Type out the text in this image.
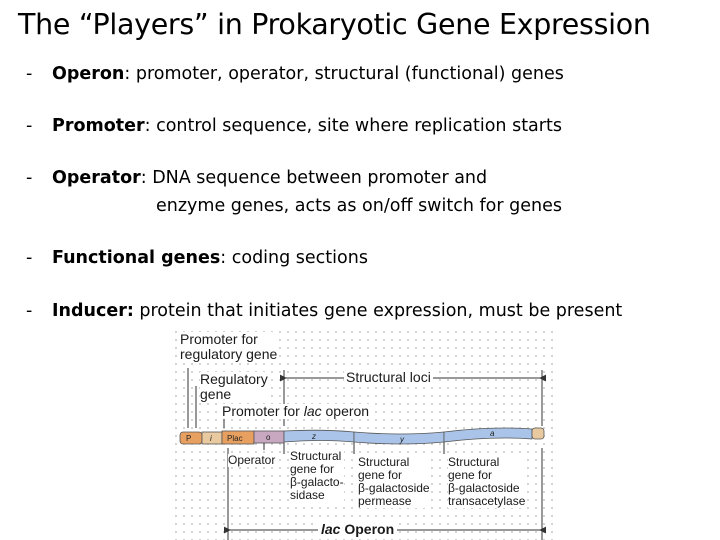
The “Players” in Prokaryotic Gene Expression
- Operon: promoter, operator, structural (functional) genes
- Promoter: control sequence, site where replication starts
- Operator: DNA sequence between promoter and
enzyme genes, acts as on/off switch for genes
- Functional genes: coding sections
- Inducer: protein that initiates gene expression, must be present
P i Plac	o	z	y
a
Promoter for
regulatory gene
Regulatory
gene
Structural loci
Promoter for lac operon
Operator Structural
gene for
β-galacto-
sidase
Structural
gene for
β-galactoside
permease
Structural
gene for
β-galactoside
transacetylase
lac Operon
